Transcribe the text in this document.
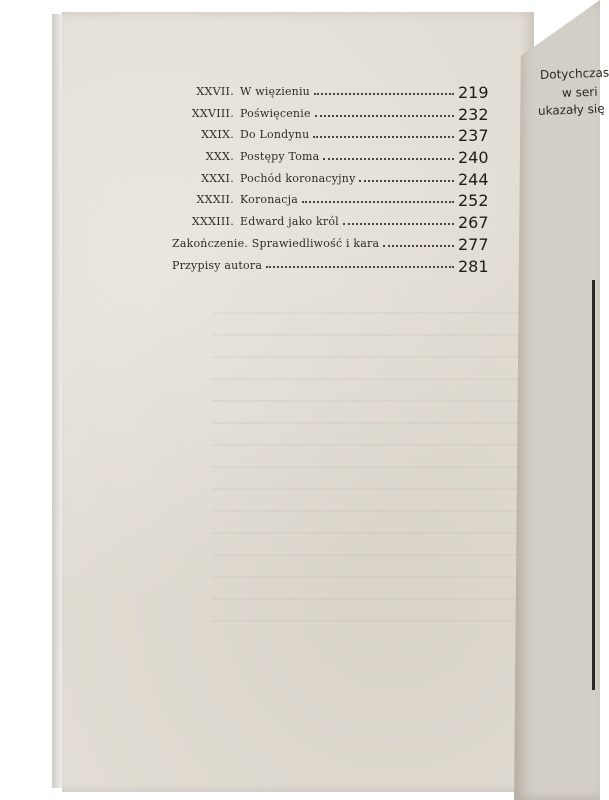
XXVII. W więzieniu	219
XXVIII. Poświęcenie	232
XXIX. Do Londynu	237
XXX. Postępy Toma	240
XXXI. Pochód koronacyjny	244
XXXII. Koronacja	252
XXXIII. Edward jako król	267
Zakończenie. Sprawiedliwość i kara	277
Przypisy autora	281
Dotychczas
w seri
ukazały się
